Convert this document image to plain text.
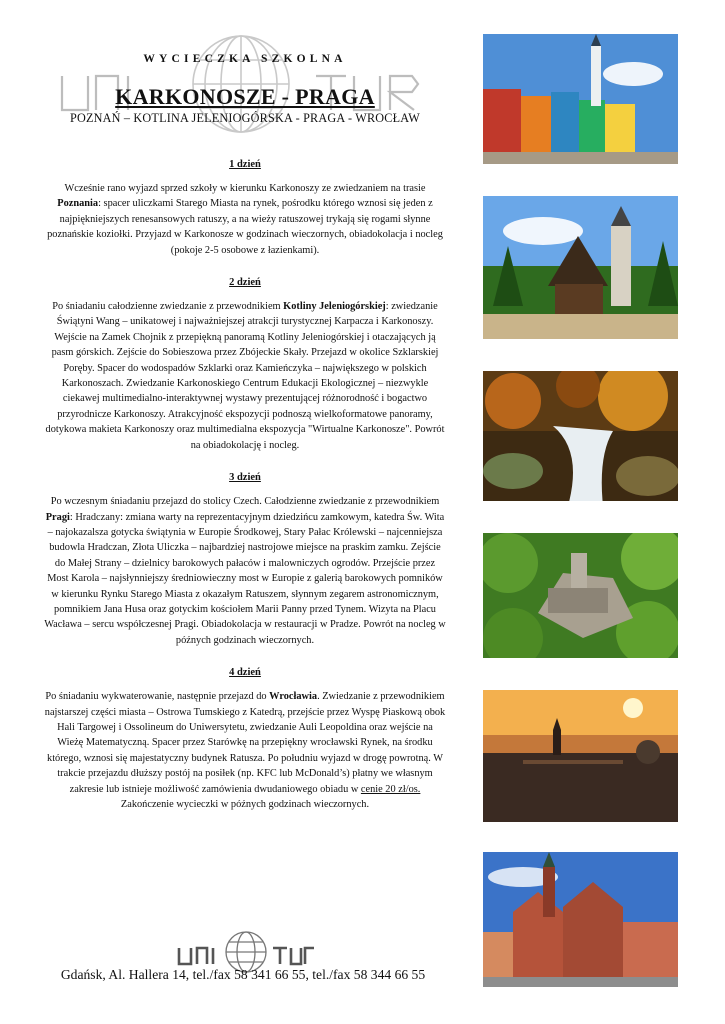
WYCIECZKA SZKOLNA
KARKONOSZE - PRAGA
POZNAŃ – KOTLINA JELENIOGÓRSKA - PRAGA - WROCŁAW
1 dzień

Wcześnie rano wyjazd sprzed szkoły w kierunku Karkonoszy ze zwiedzaniem na trasie Poznania: spacer uliczkami Starego Miasta na rynek, pośrodku którego wznosi się jeden z najpiękniejszych renesansowych ratuszy, a na wieży ratuszowej trykają się rogami słynne poznańskie koziołki. Przyjazd w Karkonosze w godzinach wieczornych, obiadokolacja i nocleg (pokoje 2-5 osobowe z łazienkami).

2 dzień

Po śniadaniu całodzienne zwiedzanie z przewodnikiem Kotliny Jeleniogórskiej: zwiedzanie Świątyni Wang – unikatowej i najważniejszej atrakcji turystycznej Karpacza i Karkonoszy. Wejście na Zamek Chojnik z przepiękną panoramą Kotliny Jeleniogórskiej i otaczających ją pasm górskich. Zejście do Sobieszowa przez Zbójeckie Skały. Przejazd w okolice Szklarskiej Poręby. Spacer do wodospadów Szklarki oraz Kamieńczyka – największego w polskich Karkonoszach. Zwiedzanie Karkonoskiego Centrum Edukacji Ekologicznej – niezwykle ciekawej multimedialno-interaktywnej wystawy prezentującej różnorodność i bogactwo przyrodnicze Karkonoszy. Atrakcyjność ekspozycji podnoszą wielkoformatowe panoramy, dotykowa makieta Karkonoszy oraz multimedialna ekspozycja "Wirtualne Karkonosze". Powrót na obiadokolację i nocleg.

3 dzień

Po wczesnym śniadaniu przejazd do stolicy Czech. Całodzienne zwiedzanie z przewodnikiem Pragi: Hradczany: zmiana warty na reprezentacyjnym dziedzińcu zamkowym, katedra Św. Wita – najokazalsza gotycka świątynia w Europie Środkowej, Stary Pałac Królewski – najcenniejsza budowla Hradczan, Złota Uliczka – najbardziej nastrojowe miejsce na praskim zamku. Zejście do Małej Strany – dzielnicy barokowych pałaców i malowniczych ogrodów. Przejście przez Most Karola – najsłynniejszy średniowieczny most w Europie z galerią barokowych pomników w kierunku Rynku Starego Miasta z okazałym Ratuszem, słynnym zegarem astronomicznym, pomnikiem Jana Husa oraz gotyckim kościołem Marii Panny przed Tynem. Wizyta na Placu Wacława – sercu współczesnej Pragi. Obiadokolacja w restauracji w Pradze. Powrót na nocleg w późnych godzinach wieczornych.

4 dzień

Po śniadaniu wykwaterowanie, następnie przejazd do Wrocławia. Zwiedzanie z przewodnikiem najstarszej części miasta – Ostrowa Tumskiego z Katedrą, przejście przez Wyspę Piaskową obok Hali Targowej i Ossolineum do Uniwersytetu, zwiedzanie Auli Leopoldina oraz wejście na Wieżę Matematyczną. Spacer przez Starówkę na przepiękny wrocławski Rynek, na środku którego, wznosi się majestatyczny budynek Ratusza. Po południu wyjazd w drogę powrotną. W trakcie przejazdu dłuższy postój na posiłek (np. KFC lub McDonald’s) płatny we własnym zakresie lub istnieje możliwość zamówienia dwudaniowego obiadu w cenie 20 zł/os. Zakończenie wycieczki w późnych godzinach wieczornych.

Gdańsk, Al. Hallera 14, tel./fax 58 341 66 55, tel./fax 58 344 66 55
